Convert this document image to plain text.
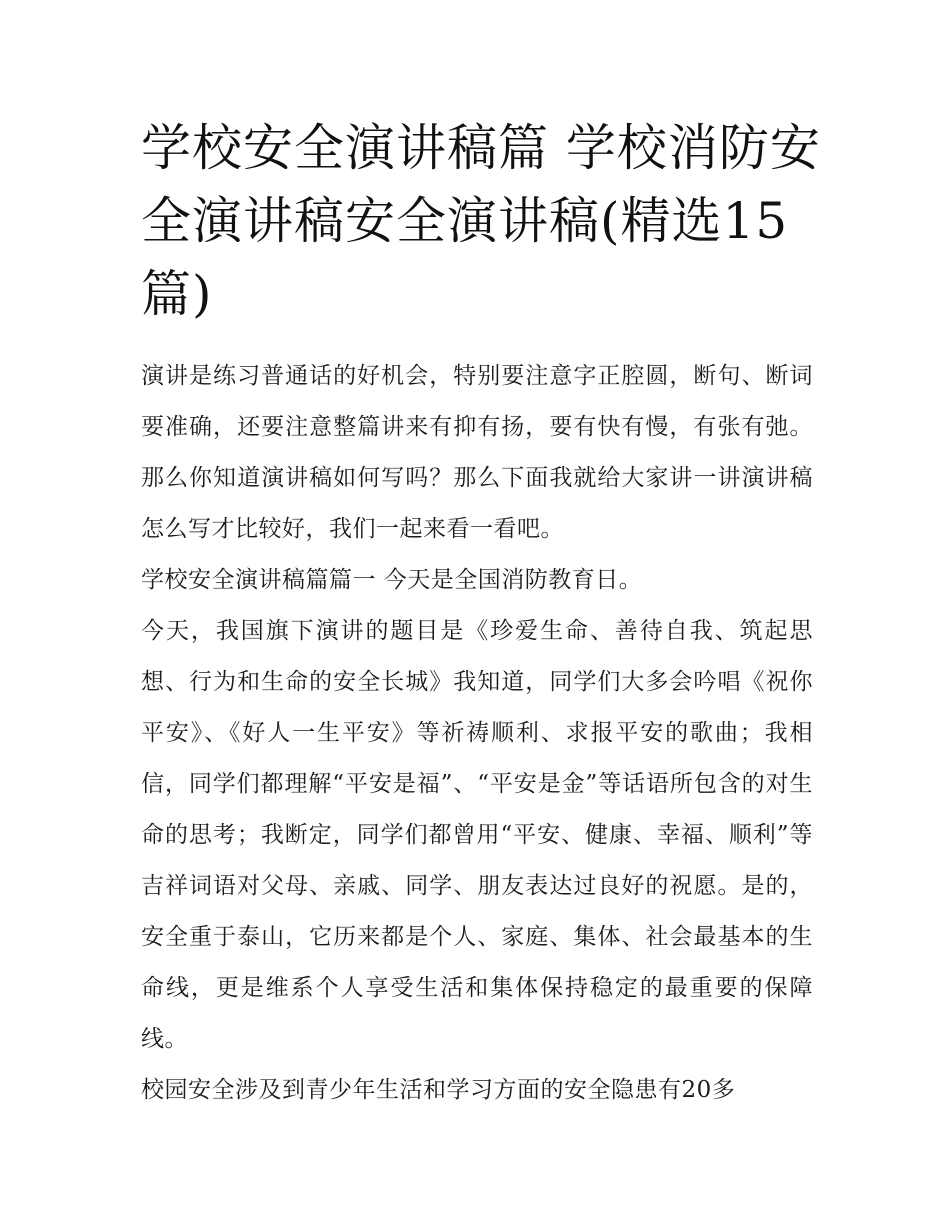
学校安全演讲稿篇 学校消防安全演讲稿安全演讲稿(精选15篇)

演讲是练习普通话的好机会，特别要注意字正腔圆，断句、断词要准确，还要注意整篇讲来有抑有扬，要有快有慢，有张有弛。那么你知道演讲稿如何写吗？那么下面我就给大家讲一讲演讲稿怎么写才比较好，我们一起来看一看吧。

学校安全演讲稿篇篇一 今天是全国消防教育日。

今天，我国旗下演讲的题目是《珍爱生命、善待自我、筑起思想、行为和生命的安全长城》我知道，同学们大多会吟唱《祝你平安》、《好人一生平安》等祈祷顺利、求报平安的歌曲；我相信，同学们都理解“平安是福”、“平安是金”等话语所包含的对生命的思考；我断定，同学们都曾用“平安、健康、幸福、顺利”等吉祥词语对父母、亲戚、同学、朋友表达过良好的祝愿。是的，安全重于泰山，它历来都是个人、家庭、集体、社会最基本的生命线，更是维系个人享受生活和集体保持稳定的最重要的保障线。

校园安全涉及到青少年生活和学习方面的安全隐患有20多
